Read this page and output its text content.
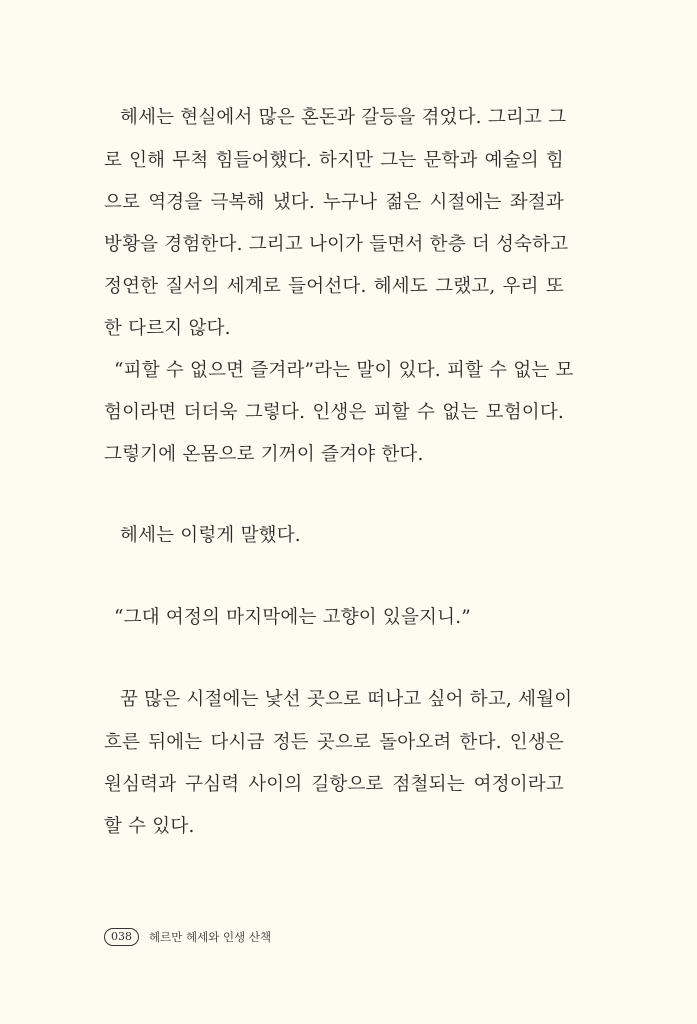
헤세는 현실에서 많은 혼돈과 갈등을 겪었다. 그리고 그
로 인해 무척 힘들어했다. 하지만 그는 문학과 예술의 힘
으로 역경을 극복해 냈다. 누구나 젊은 시절에는 좌절과
방황을 경험한다. 그리고 나이가 들면서 한층 더 성숙하고
정연한 질서의 세계로 들어선다. 헤세도 그랬고, 우리 또
한 다르지 않다.
“피할 수 없으면 즐겨라”라는 말이 있다. 피할 수 없는 모
험이라면 더더욱 그렇다. 인생은 피할 수 없는 모험이다.
그렇기에 온몸으로 기꺼이 즐겨야 한다.
헤세는 이렇게 말했다.
“그대 여정의 마지막에는 고향이 있을지니.”
꿈 많은 시절에는 낯선 곳으로 떠나고 싶어 하고, 세월이
흐른 뒤에는 다시금 정든 곳으로 돌아오려 한다. 인생은
원심력과 구심력 사이의 길항으로 점철되는 여정이라고
할 수 있다.
038	헤르만 헤세와 인생 산책
